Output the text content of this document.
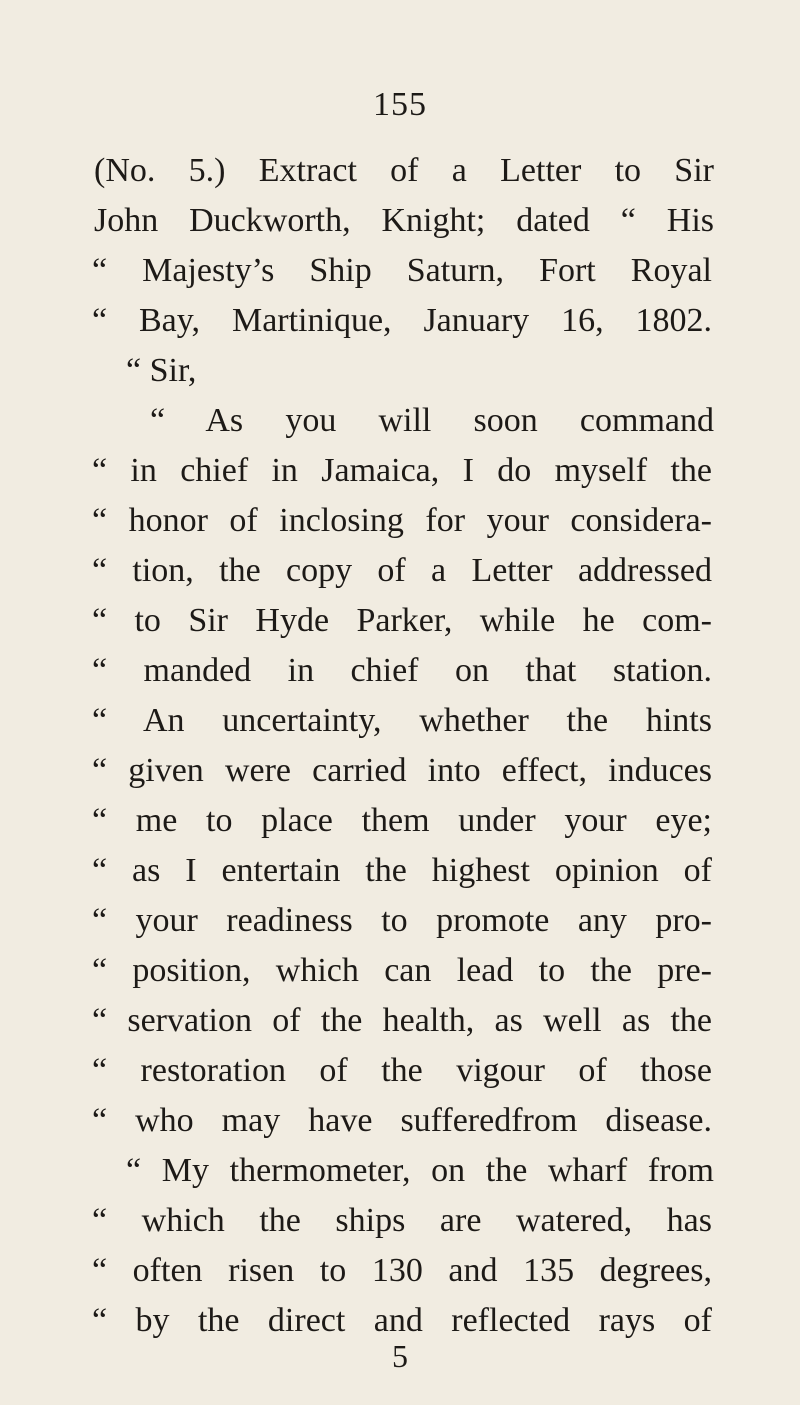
155
(No. 5.) Extract of a Letter to Sir
John Duckworth, Knight; dated “ His
“ Majesty’s Ship Saturn, Fort Royal
“ Bay, Martinique, January 16, 1802.
“ Sir,
“ As you will soon command
“ in chief in Jamaica, I do myself the
“ honor of inclosing for your considera-
“ tion, the copy of a Letter addressed
“ to Sir Hyde Parker, while he com-
“ manded in chief on that station.
“ An uncertainty, whether the hints
“ given were carried into effect, induces
“ me to place them under your eye;
“ as I entertain the highest opinion of
“ your readiness to promote any pro-
“ position, which can lead to the pre-
“ servation of the health, as well as the
“ restoration of the vigour of those
“ who may have sufferedfrom disease.
“ My thermometer, on the wharf from
“ which the ships are watered, has
“ often risen to 130 and 135 degrees,
“ by the direct and reflected rays of
5
